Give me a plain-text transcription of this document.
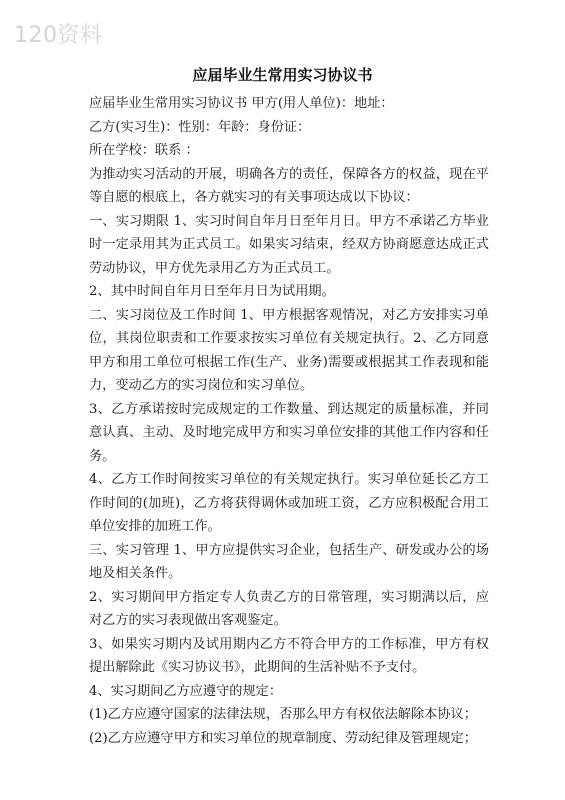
120资料
应届毕业生常用实习协议书

应届毕业生常用实习协议书 甲方(用人单位)：地址：

乙方(实习生)：性别：年龄：身份证：

所在学校：联系 ：

为推动实习活动的开展，明确各方的责任，保障各方的权益，现在平等自愿的根底上，各方就实习的有关事项达成以下协议：

一、实习期限 1、实习时间自年月日至年月日。甲方不承诺乙方毕业时一定录用其为正式员工。如果实习结束，经双方协商愿意达成正式劳动协议，甲方优先录用乙方为正式员工。

2、其中时间自年月日至年月日为试用期。

二、实习岗位及工作时间 1、甲方根据客观情况，对乙方安排实习单位，其岗位职责和工作要求按实习单位有关规定执行。2、乙方同意甲方和用工单位可根据工作(生产、业务)需要或根据其工作表现和能力，变动乙方的实习岗位和实习单位。

3、乙方承诺按时完成规定的工作数量、到达规定的质量标准，并同意认真、主动、及时地完成甲方和实习单位安排的其他工作内容和任务。

4、乙方工作时间按实习单位的有关规定执行。实习单位延长乙方工作时间的(加班)，乙方将获得调休或加班工资，乙方应积极配合用工单位安排的加班工作。

三、实习管理 1、甲方应提供实习企业，包括生产、研发或办公的场地及相关条件。

2、实习期间甲方指定专人负责乙方的日常管理，实习期满以后，应对乙方的实习表现做出客观鉴定。

3、如果实习期内及试用期内乙方不符合甲方的工作标准，甲方有权提出解除此《实习协议书》，此期间的生活补贴不予支付。

4、实习期间乙方应遵守的规定：

(1)乙方应遵守国家的法律法规，否那么甲方有权依法解除本协议；

(2)乙方应遵守甲方和实习单位的规章制度、劳动纪律及管理规定；
